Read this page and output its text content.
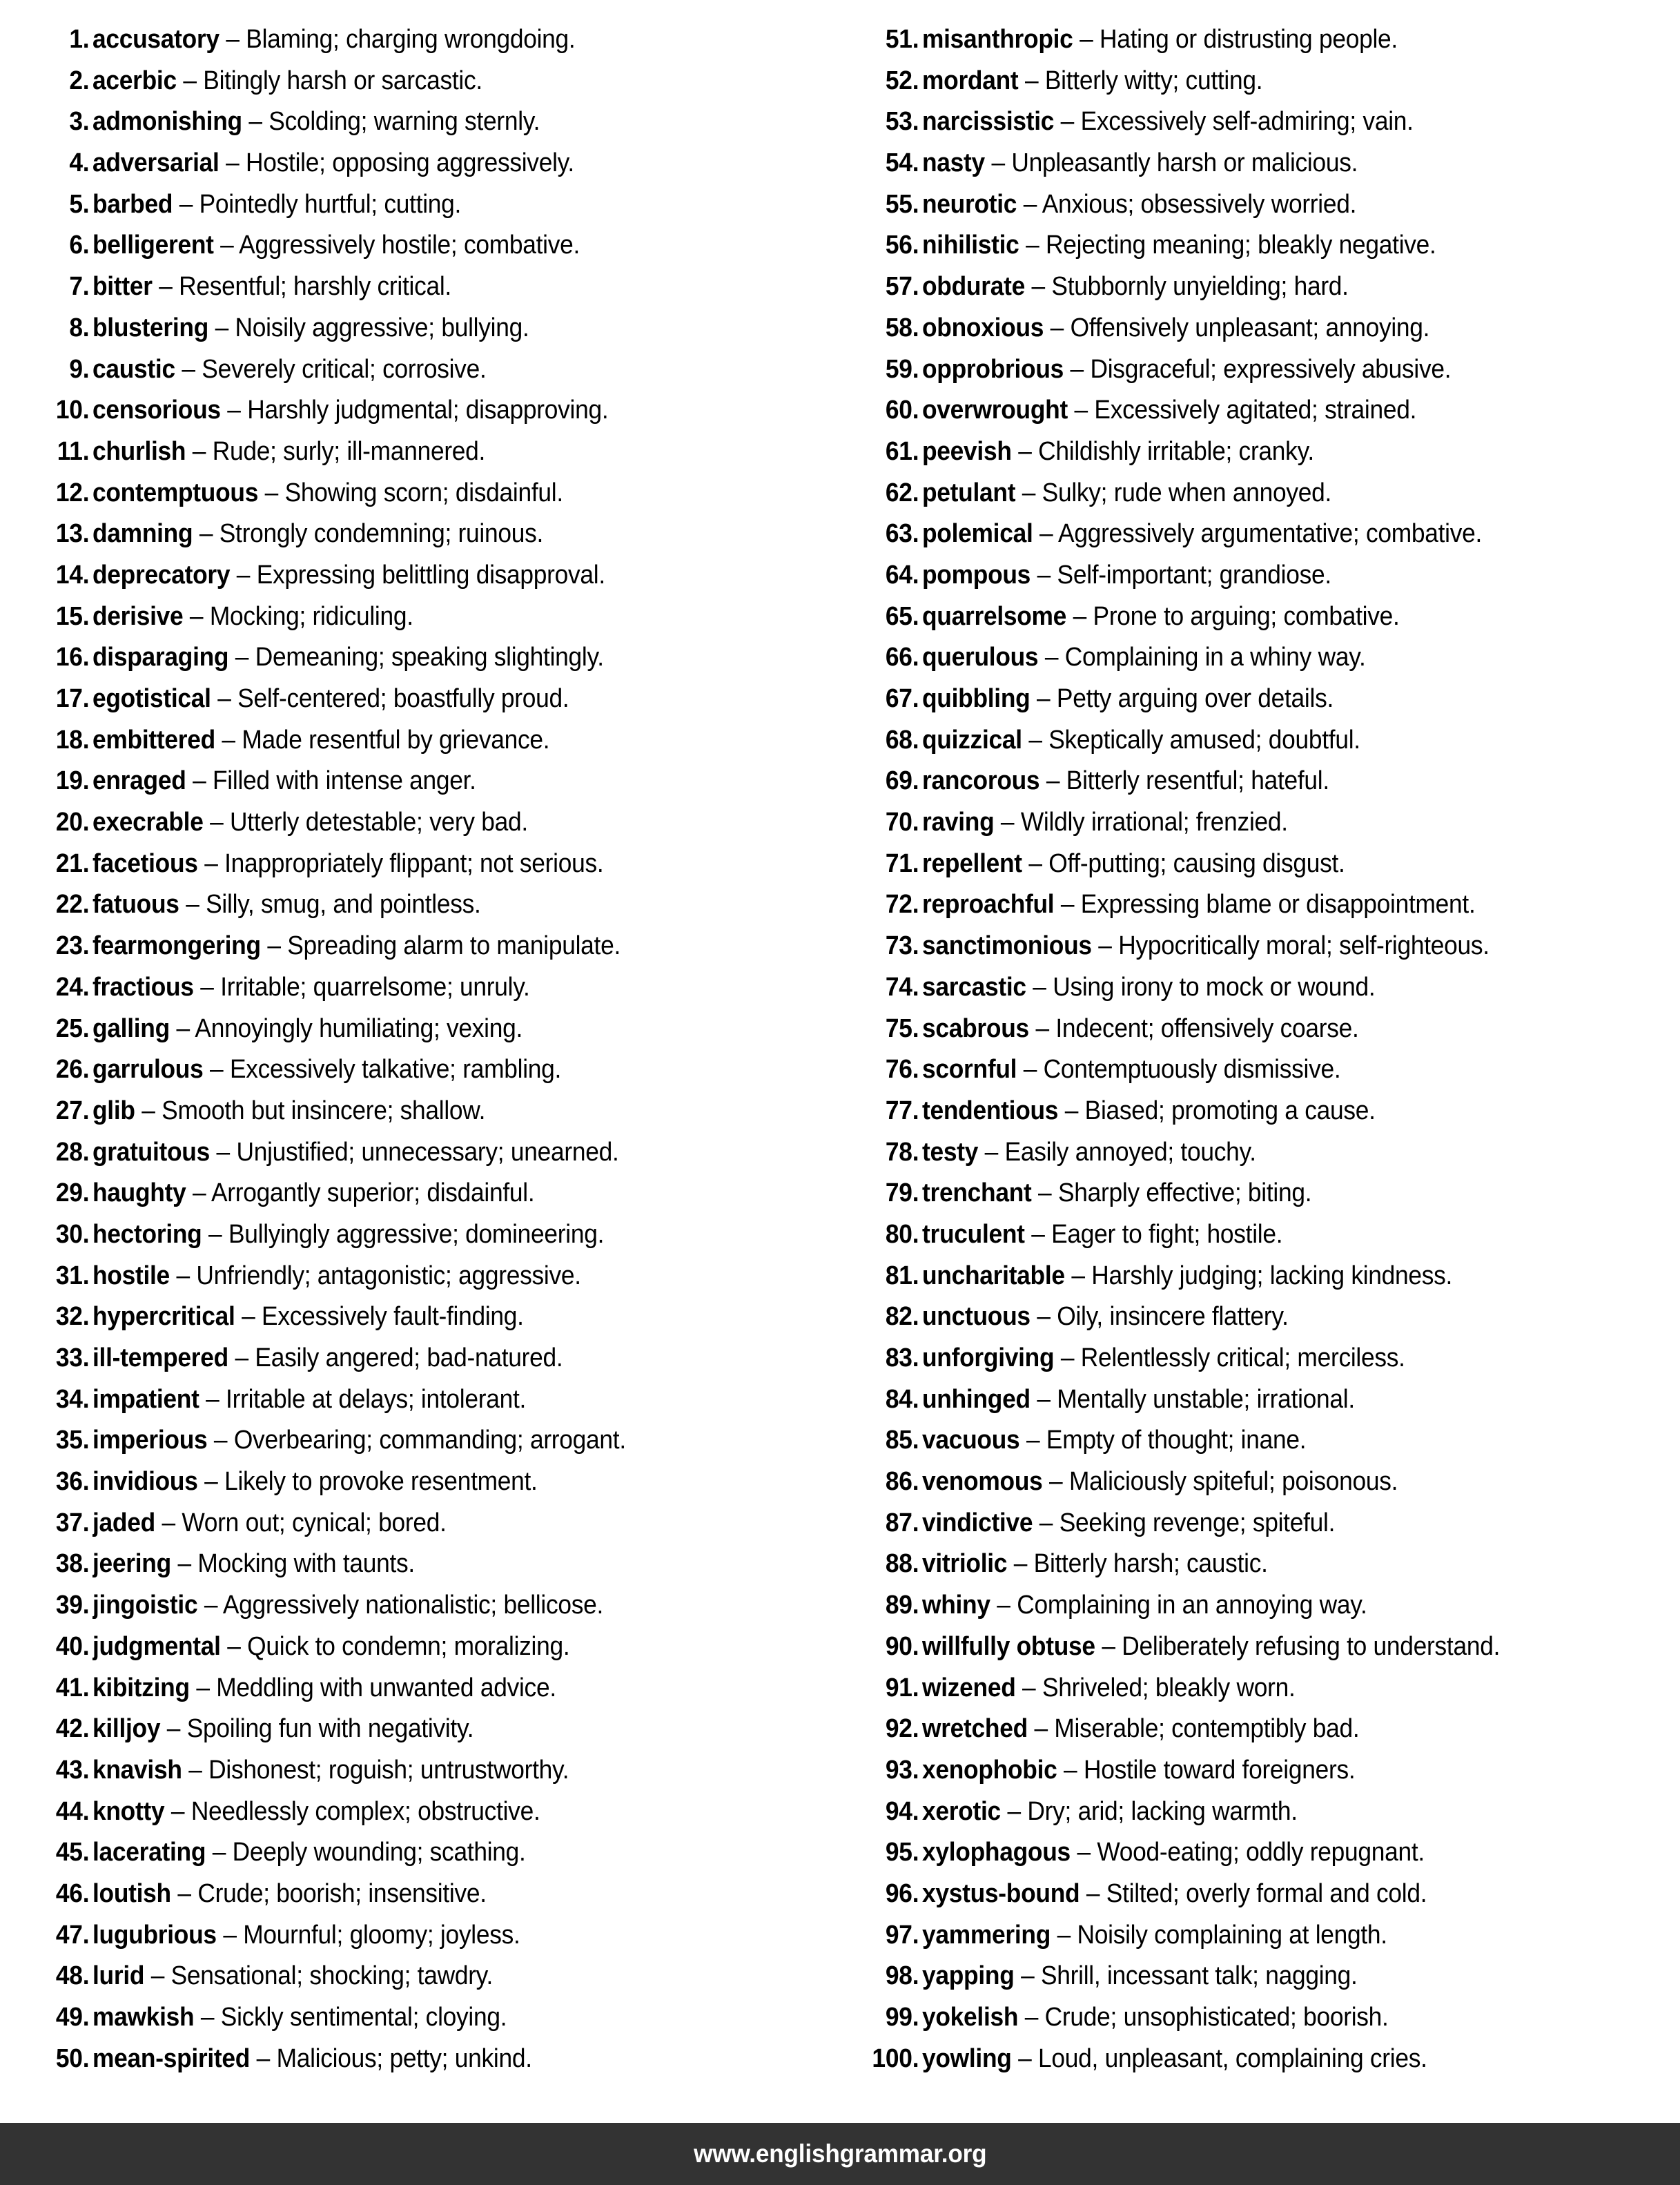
1. accusatory – Blaming; charging wrongdoing.
2. acerbic – Bitingly harsh or sarcastic.
3. admonishing – Scolding; warning sternly.
4. adversarial – Hostile; opposing aggressively.
5. barbed – Pointedly hurtful; cutting.
6. belligerent – Aggressively hostile; combative.
7. bitter – Resentful; harshly critical.
8. blustering – Noisily aggressive; bullying.
9. caustic – Severely critical; corrosive.
10. censorious – Harshly judgmental; disapproving.
11. churlish – Rude; surly; ill-mannered.
12. contemptuous – Showing scorn; disdainful.
13. damning – Strongly condemning; ruinous.
14. deprecatory – Expressing belittling disapproval.
15. derisive – Mocking; ridiculing.
16. disparaging – Demeaning; speaking slightingly.
17. egotistical – Self-centered; boastfully proud.
18. embittered – Made resentful by grievance.
19. enraged – Filled with intense anger.
20. execrable – Utterly detestable; very bad.
21. facetious – Inappropriately flippant; not serious.
22. fatuous – Silly, smug, and pointless.
23. fearmongering – Spreading alarm to manipulate.
24. fractious – Irritable; quarrelsome; unruly.
25. galling – Annoyingly humiliating; vexing.
26. garrulous – Excessively talkative; rambling.
27. glib – Smooth but insincere; shallow.
28. gratuitous – Unjustified; unnecessary; unearned.
29. haughty – Arrogantly superior; disdainful.
30. hectoring – Bullyingly aggressive; domineering.
31. hostile – Unfriendly; antagonistic; aggressive.
32. hypercritical – Excessively fault-finding.
33. ill-tempered – Easily angered; bad-natured.
34. impatient – Irritable at delays; intolerant.
35. imperious – Overbearing; commanding; arrogant.
36. invidious – Likely to provoke resentment.
37. jaded – Worn out; cynical; bored.
38. jeering – Mocking with taunts.
39. jingoistic – Aggressively nationalistic; bellicose.
40. judgmental – Quick to condemn; moralizing.
41. kibitzing – Meddling with unwanted advice.
42. killjoy – Spoiling fun with negativity.
43. knavish – Dishonest; roguish; untrustworthy.
44. knotty – Needlessly complex; obstructive.
45. lacerating – Deeply wounding; scathing.
46. loutish – Crude; boorish; insensitive.
47. lugubrious – Mournful; gloomy; joyless.
48. lurid – Sensational; shocking; tawdry.
49. mawkish – Sickly sentimental; cloying.
50. mean-spirited – Malicious; petty; unkind.
51. misanthropic – Hating or distrusting people.
52. mordant – Bitterly witty; cutting.
53. narcissistic – Excessively self-admiring; vain.
54. nasty – Unpleasantly harsh or malicious.
55. neurotic – Anxious; obsessively worried.
56. nihilistic – Rejecting meaning; bleakly negative.
57. obdurate – Stubbornly unyielding; hard.
58. obnoxious – Offensively unpleasant; annoying.
59. opprobrious – Disgraceful; expressively abusive.
60. overwrought – Excessively agitated; strained.
61. peevish – Childishly irritable; cranky.
62. petulant – Sulky; rude when annoyed.
63. polemical – Aggressively argumentative; combative.
64. pompous – Self-important; grandiose.
65. quarrelsome – Prone to arguing; combative.
66. querulous – Complaining in a whiny way.
67. quibbling – Petty arguing over details.
68. quizzical – Skeptically amused; doubtful.
69. rancorous – Bitterly resentful; hateful.
70. raving – Wildly irrational; frenzied.
71. repellent – Off-putting; causing disgust.
72. reproachful – Expressing blame or disappointment.
73. sanctimonious – Hypocritically moral; self-righteous.
74. sarcastic – Using irony to mock or wound.
75. scabrous – Indecent; offensively coarse.
76. scornful – Contemptuously dismissive.
77. tendentious – Biased; promoting a cause.
78. testy – Easily annoyed; touchy.
79. trenchant – Sharply effective; biting.
80. truculent – Eager to fight; hostile.
81. uncharitable – Harshly judging; lacking kindness.
82. unctuous – Oily, insincere flattery.
83. unforgiving – Relentlessly critical; merciless.
84. unhinged – Mentally unstable; irrational.
85. vacuous – Empty of thought; inane.
86. venomous – Maliciously spiteful; poisonous.
87. vindictive – Seeking revenge; spiteful.
88. vitriolic – Bitterly harsh; caustic.
89. whiny – Complaining in an annoying way.
90. willfully obtuse – Deliberately refusing to understand.
91. wizened – Shriveled; bleakly worn.
92. wretched – Miserable; contemptibly bad.
93. xenophobic – Hostile toward foreigners.
94. xerotic – Dry; arid; lacking warmth.
95. xylophagous – Wood-eating; oddly repugnant.
96. xystus-bound – Stilted; overly formal and cold.
97. yammering – Noisily complaining at length.
98. yapping – Shrill, incessant talk; nagging.
99. yokelish – Crude; unsophisticated; boorish.
100. yowling – Loud, unpleasant, complaining cries.
www.englishgrammar.org
